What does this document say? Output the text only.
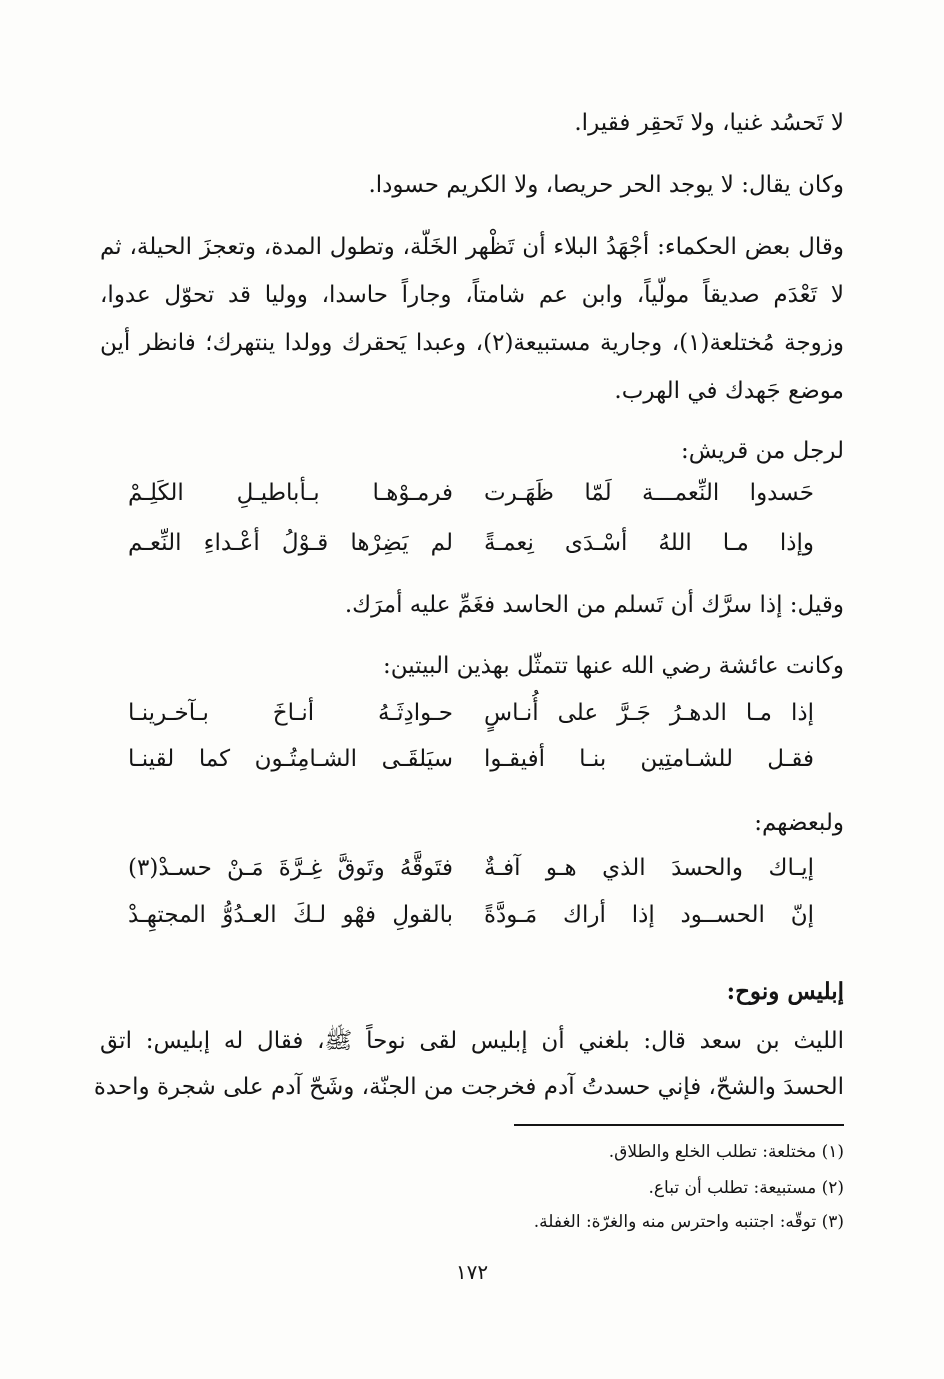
لا تَحسُد غنيا، ولا تَحقِر فقيرا.
وكان يقال: لا يوجد الحر حريصا، ولا الكريم حسودا.
وقال بعض الحكماء: أجْهَدُ البلاء أن تَظْهر الخَلّة، وتطول المدة، وتعجزَ الحيلة، ثم
لا تَعْدَم صديقاً مولّياً، وابن عم شامتاً، وجاراً حاسدا، ووليا قد تحوّل عدوا،
وزوجة مُختلعة(١)، وجارية مستبيعة(٢)، وعبدا يَحقرك وولدا ينتهرك؛ فانظر أين
موضع جَهدك في الهرب.
لرجل من قريش:
حَسدوا النِّعمـــة لَمّا ظَهَـرت
فرمـوْهـا بـأباطيـلِ الكَلِـمْ
وإذا مـا اللهُ أسْـدَى نِعمـةً
لم يَضِرْها قـوْلُ أعْـداءِ النِّعـم
وقيل: إذا سرَّك أن تَسلم من الحاسد فغَمِّ عليه أمرَك.
وكانت عائشة رضي الله عنها تتمثّل بهذين البيتين:
إذا مـا الدهـرُ جَـرَّ على أُنـاسٍ
حـوادِثَـهُ أنـاخَ بـآخـرينـا
فقـل للشـامتِين بنـا أفيقـوا
سيَلقَـى الشـامِتُـون كما لقينـا
ولبعضهم:
إيـاك والحسدَ الذي هـو آفـةٌ
فتَوقَّهُ وتَوقَّ غِـرَّةَ مَـنْ حسـدْ(٣)
إنّ الحســود إذا أراك مَـودَّةً
بالقولِ فهْو لـكَ العـدُوُّ المجتهِـدْ
إبليس ونوح:
الليث بن سعد قال: بلغني أن إبليس لقى نوحاً ﷺ، فقال له إبليس: اتق
الحسدَ والشحّ، فإني حسدتُ آدم فخرجت من الجنّة، وشَحّ آدم على شجرة واحدة
(١) مختلعة: تطلب الخلع والطلاق.
(٢) مستبيعة: تطلب أن تباع.
(٣) توقّه: اجتنبه واحترس منه والغرّة: الغفلة.
١٧٢
